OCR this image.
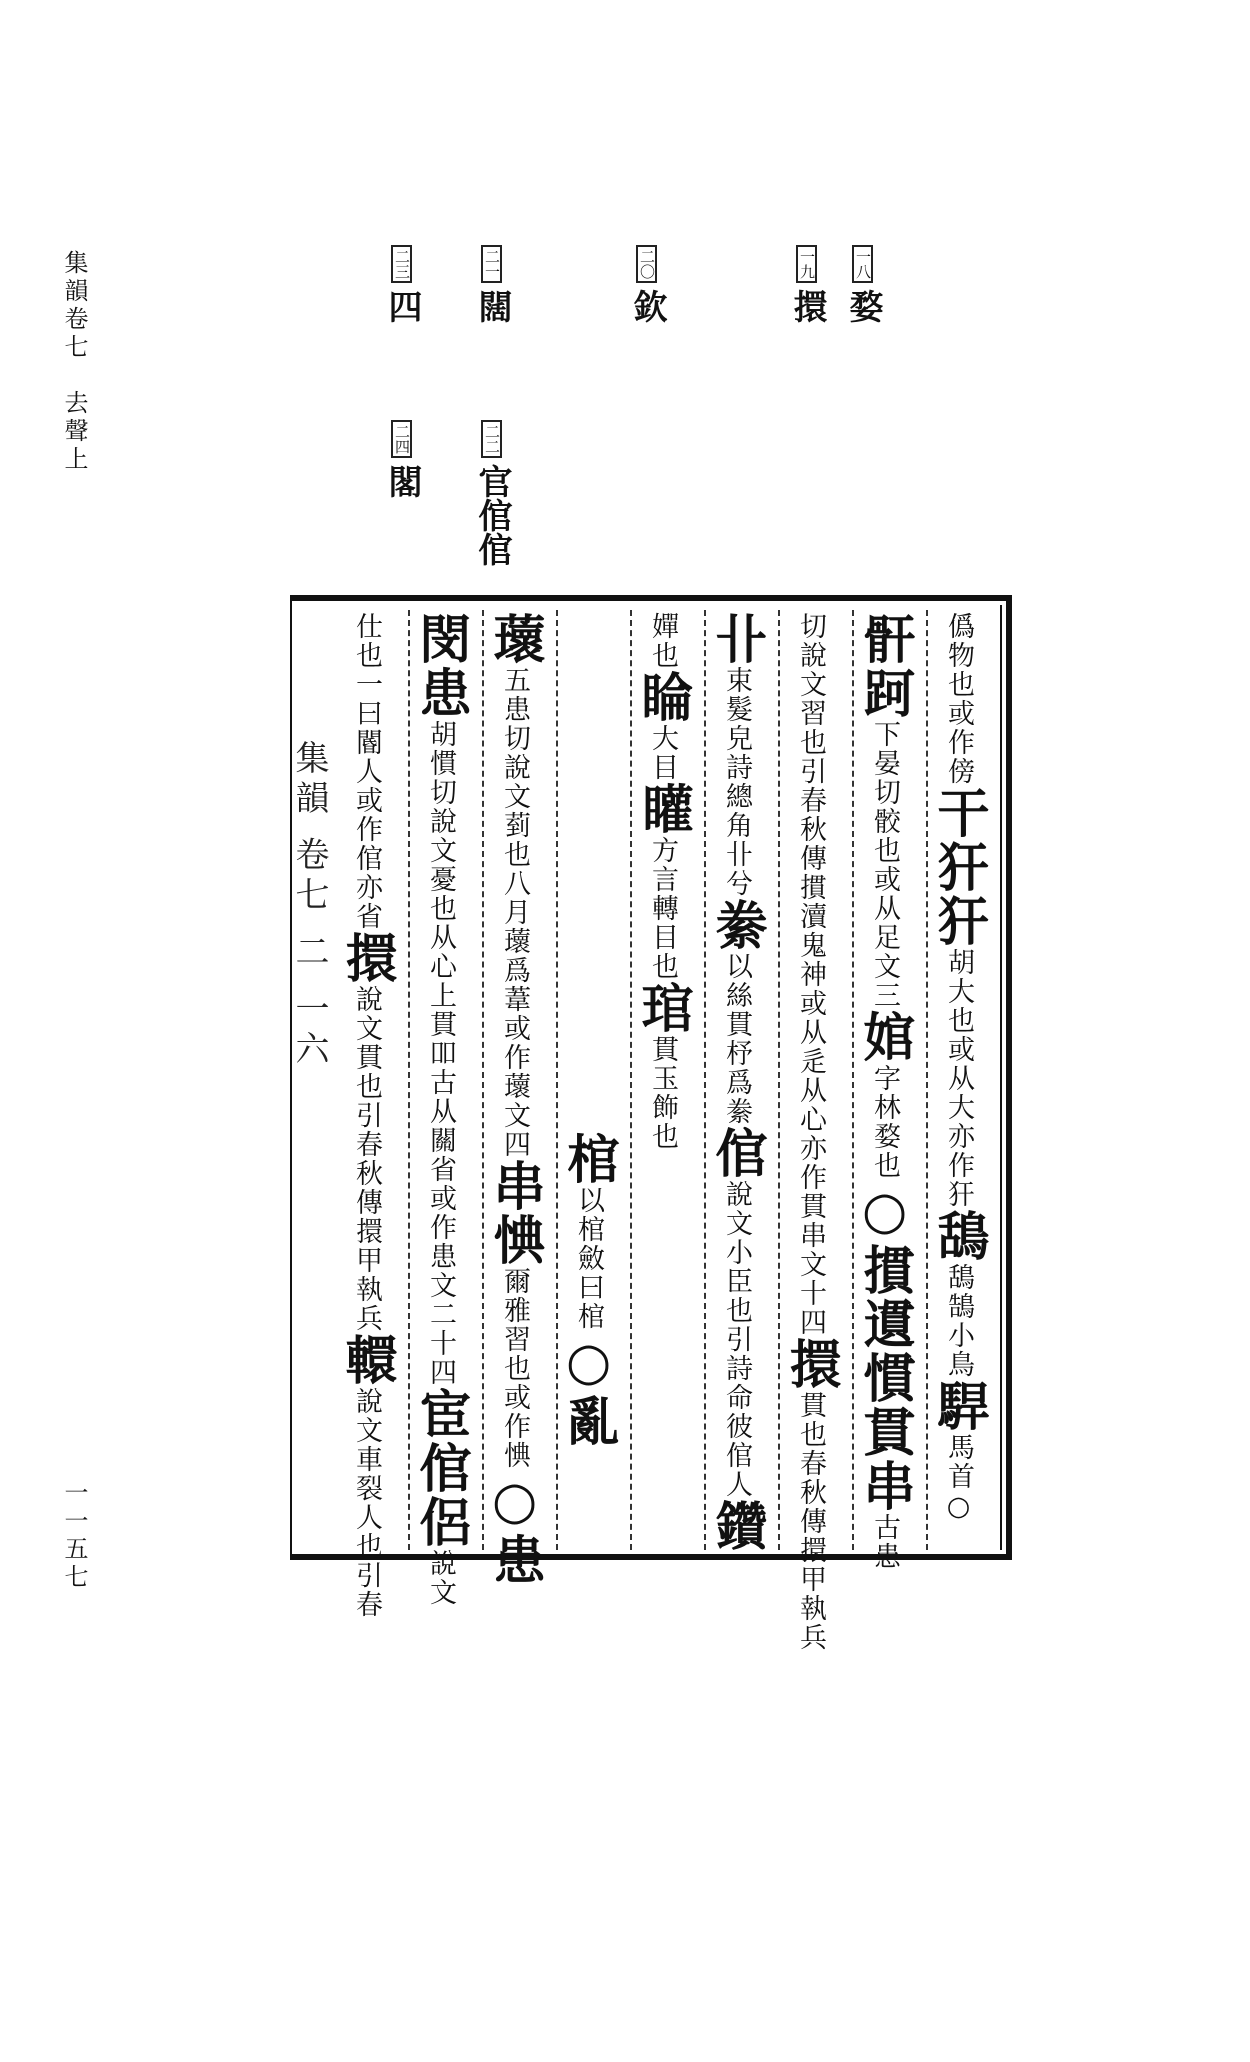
集韻卷七　去聲上
一一五七
一八婺
一九擐
二〇欽
二一闊
二二官倌倌
二三四
二四閣
集韻 卷七 二 一六
僞物也或作傍干犴犴胡大也或从大亦作犴鴰鴰鵠小鳥駻馬首○
骭跒下晏切骹也或从足文三婠字林婺也○摜遦慣貫串古患
切說文習也引春秋傳摜瀆鬼神或从辵从心亦作貫串文十四擐貫也春秋傳擐甲執兵
卝束髮皃詩總角卝兮絭以絲貫杼爲絭倌說文小臣也引詩命彼倌人鑽
嬋也睔大目矔方言轉目也琯貫玉飾也
棺以棺斂曰棺○亂
蘾五患切說文菿也八月蘾爲葦或作蘾文四串㥏爾雅習也或作㥏○患
閔患胡慣切說文憂也从心上貫吅古从關省或作患文二十四宦倌侶說文
仕也一曰閽人或作倌亦省擐說文貫也引春秋傳擐甲執兵轘說文車裂人也引春
